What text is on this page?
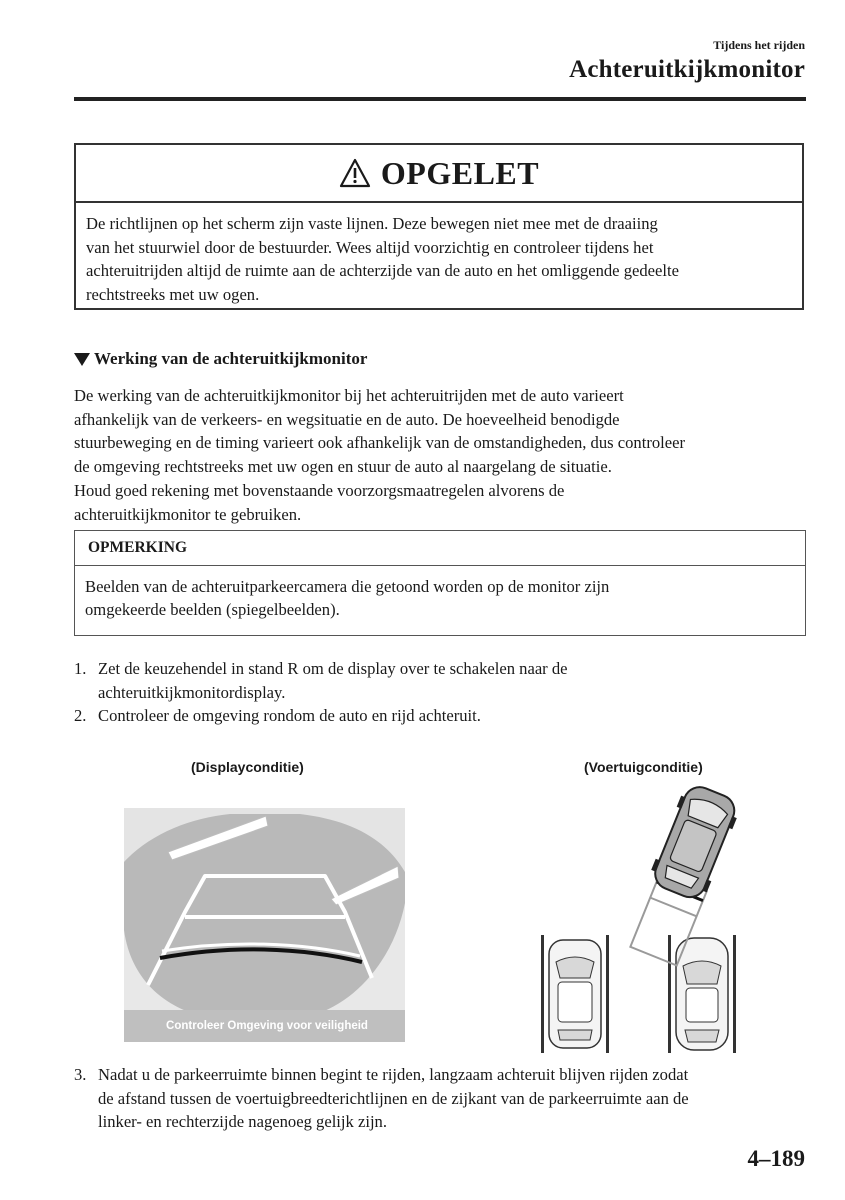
Tijdens het rijden
Achteruitkijkmonitor
OPGELET
De richtlijnen op het scherm zijn vaste lijnen. Deze bewegen niet mee met de draaiing
van het stuurwiel door de bestuurder. Wees altijd voorzichtig en controleer tijdens het
achteruitrijden altijd de ruimte aan de achterzijde van de auto en het omliggende gedeelte
rechtstreeks met uw ogen.
Werking van de achteruitkijkmonitor
De werking van de achteruitkijkmonitor bij het achteruitrijden met de auto varieert
afhankelijk van de verkeers- en wegsituatie en de auto. De hoeveelheid benodigde
stuurbeweging en de timing varieert ook afhankelijk van de omstandigheden, dus controleer
de omgeving rechtstreeks met uw ogen en stuur de auto al naargelang de situatie.
Houd goed rekening met bovenstaande voorzorgsmaatregelen alvorens de
achteruitkijkmonitor te gebruiken.
OPMERKING
Beelden van de achteruitparkeercamera die getoond worden op de monitor zijn
omgekeerde beelden (spiegelbeelden).
1. Zet de keuzehendel in stand R om de display over te schakelen naar de
achteruitkijkmonitordisplay.
2. Controleer de omgeving rondom de auto en rijd achteruit.
(Displayconditie)	(Voertuigconditie)
Controleer Omgeving voor veiligheid
3. Nadat u de parkeerruimte binnen begint te rijden, langzaam achteruit blijven rijden zodat
de afstand tussen de voertuigbreedterichtlijnen en de zijkant van de parkeerruimte aan de
linker- en rechterzijde nagenoeg gelijk zijn.
4–189
